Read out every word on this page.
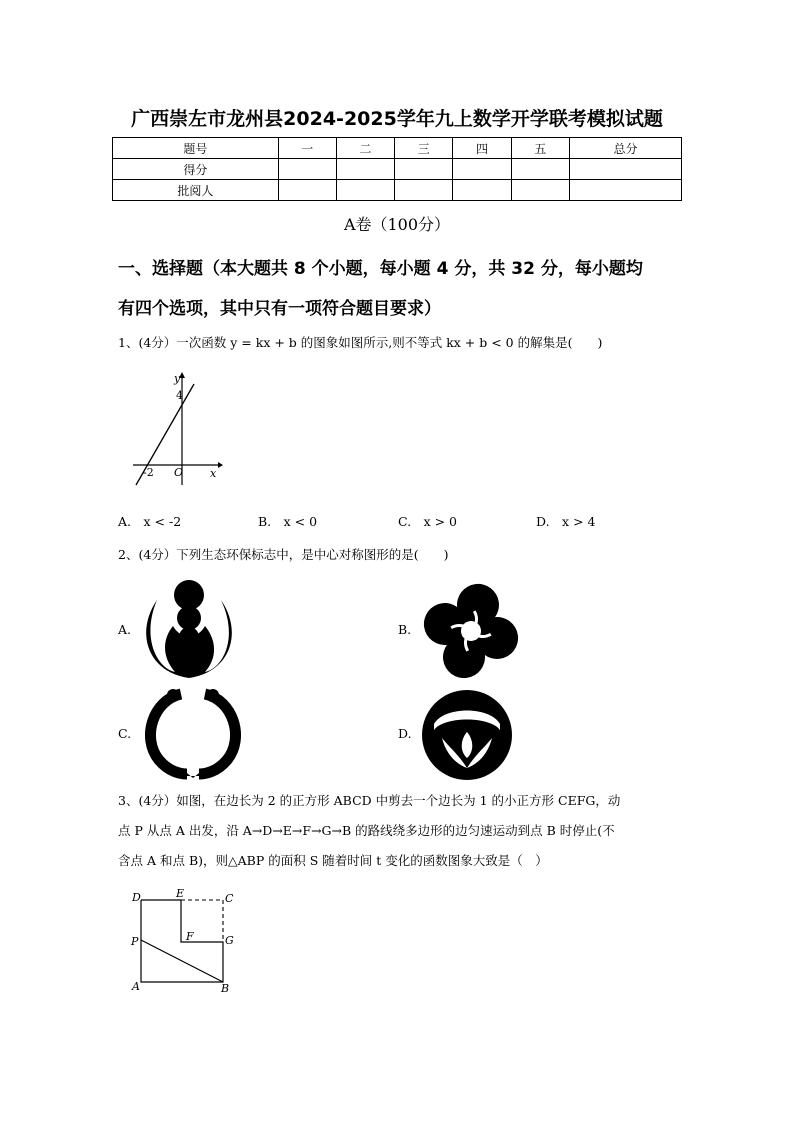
广西崇左市龙州县2024-2025学年九上数学开学联考模拟试题
题号	一	二	三	四	五	总分
得分						
批阅人						
A卷（100分）
一、选择题（本大题共 8 个小题，每小题 4 分，共 32 分，每小题均
有四个选项，其中只有一项符合题目要求）
1、(4分）一次函数 y = kx + b 的图象如图所示,则不等式 kx + b < 0 的解集是(　　)
y
4
-2 O x
A.　x < -2	B.　x < 0	C.　x > 0	D.　x > 4
2、(4分）下列生态环保标志中，是中心对称图形的是(　　)
A.	B.
C.	D.
3、(4分）如图，在边长为 2 的正方形 ABCD 中剪去一个边长为 1 的小正方形 CEFG，动
点 P 从点 A 出发，沿 A→D→E→F→G→B 的路线绕多边形的边匀速运动到点 B 时停止(不
含点 A 和点 B)，则△ABP 的面积 S 随着时间 t 变化的函数图象大致是（　）
D	E	C
P	F	G
A	B
